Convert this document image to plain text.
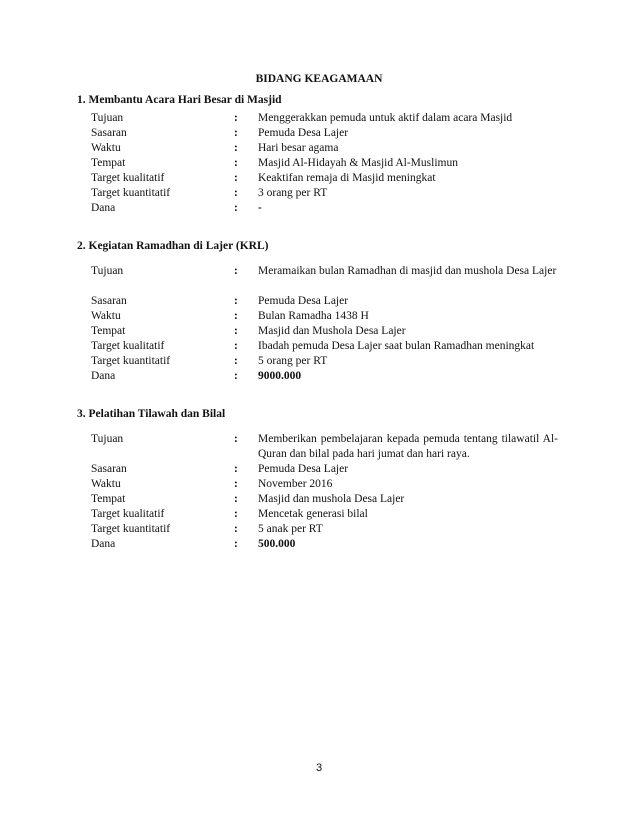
BIDANG KEAGAMAAN
1. Membantu Acara Hari Besar di Masjid
Tujuan	: Menggerakkan pemuda untuk aktif dalam acara Masjid
Sasaran	: Pemuda Desa Lajer
Waktu	: Hari besar agama
Tempat	: Masjid Al-Hidayah & Masjid Al-Muslimun
Target kualitatif	: Keaktifan remaja di Masjid meningkat
Target kuantitatif	: 3 orang per RT
Dana	: -
2. Kegiatan Ramadhan di Lajer (KRL)
Tujuan	: Meramaikan bulan Ramadhan di masjid dan mushola Desa Lajer
Sasaran	: Pemuda Desa Lajer
Waktu	: Bulan Ramadha 1438 H
Tempat	: Masjid dan Mushola Desa Lajer
Target kualitatif	: Ibadah pemuda Desa Lajer saat bulan Ramadhan meningkat
Target kuantitatif	: 5 orang per RT
Dana	: 9000.000
3. Pelatihan Tilawah dan Bilal
Tujuan	: Memberikan pembelajaran kepada pemuda tentang tilawatil Al-Quran dan bilal pada hari jumat dan hari raya.
Sasaran	: Pemuda Desa Lajer
Waktu	: November 2016
Tempat	: Masjid dan mushola Desa Lajer
Target kualitatif	: Mencetak generasi bilal
Target kuantitatif	: 5 anak per RT
Dana	: 500.000
3
